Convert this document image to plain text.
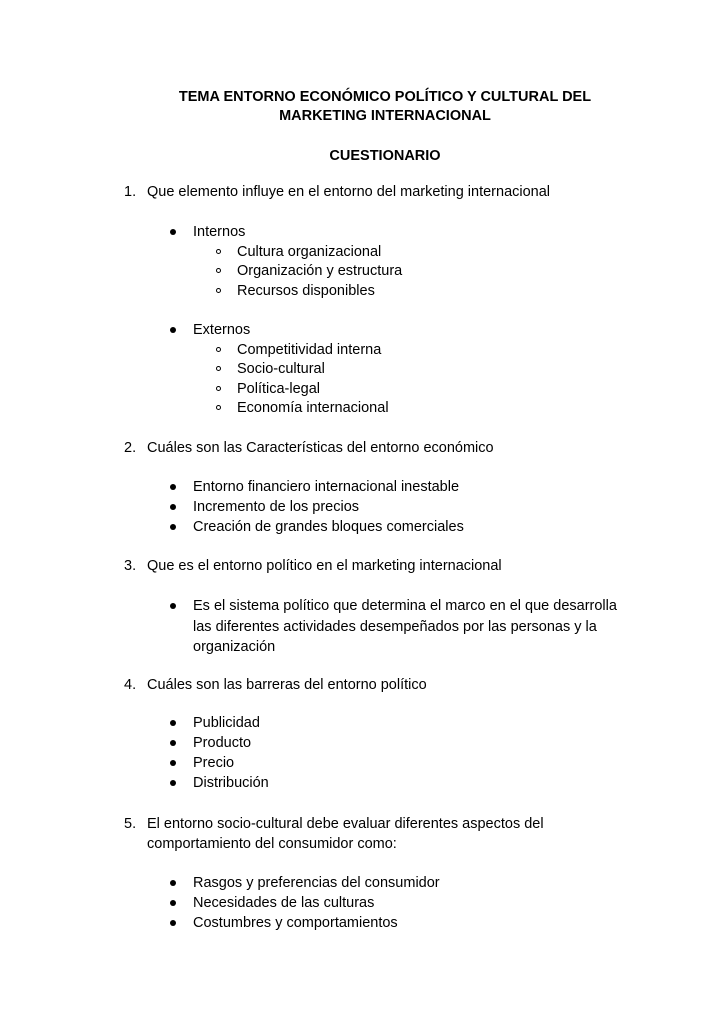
TEMA ENTORNO ECONÓMICO POLÍTICO Y CULTURAL DEL
MARKETING INTERNACIONAL
CUESTIONARIO
1. Que elemento influye en el entorno del marketing internacional
Internos
Cultura organizacional
Organización y estructura
Recursos disponibles
Externos
Competitividad interna
Socio-cultural
Política-legal
Economía internacional
2. Cuáles son las Características del entorno económico
Entorno financiero internacional inestable
Incremento de los precios
Creación de grandes bloques comerciales
3. Que es el entorno político en el marketing internacional
Es el sistema político que determina el marco en el que desarrolla
las diferentes actividades desempeñados por las personas y la
organización
4. Cuáles son las barreras del entorno político
Publicidad
Producto
Precio
Distribución
5. El entorno socio-cultural debe evaluar diferentes aspectos del
comportamiento del consumidor como:
Rasgos y preferencias del consumidor
Necesidades de las culturas
Costumbres y comportamientos
